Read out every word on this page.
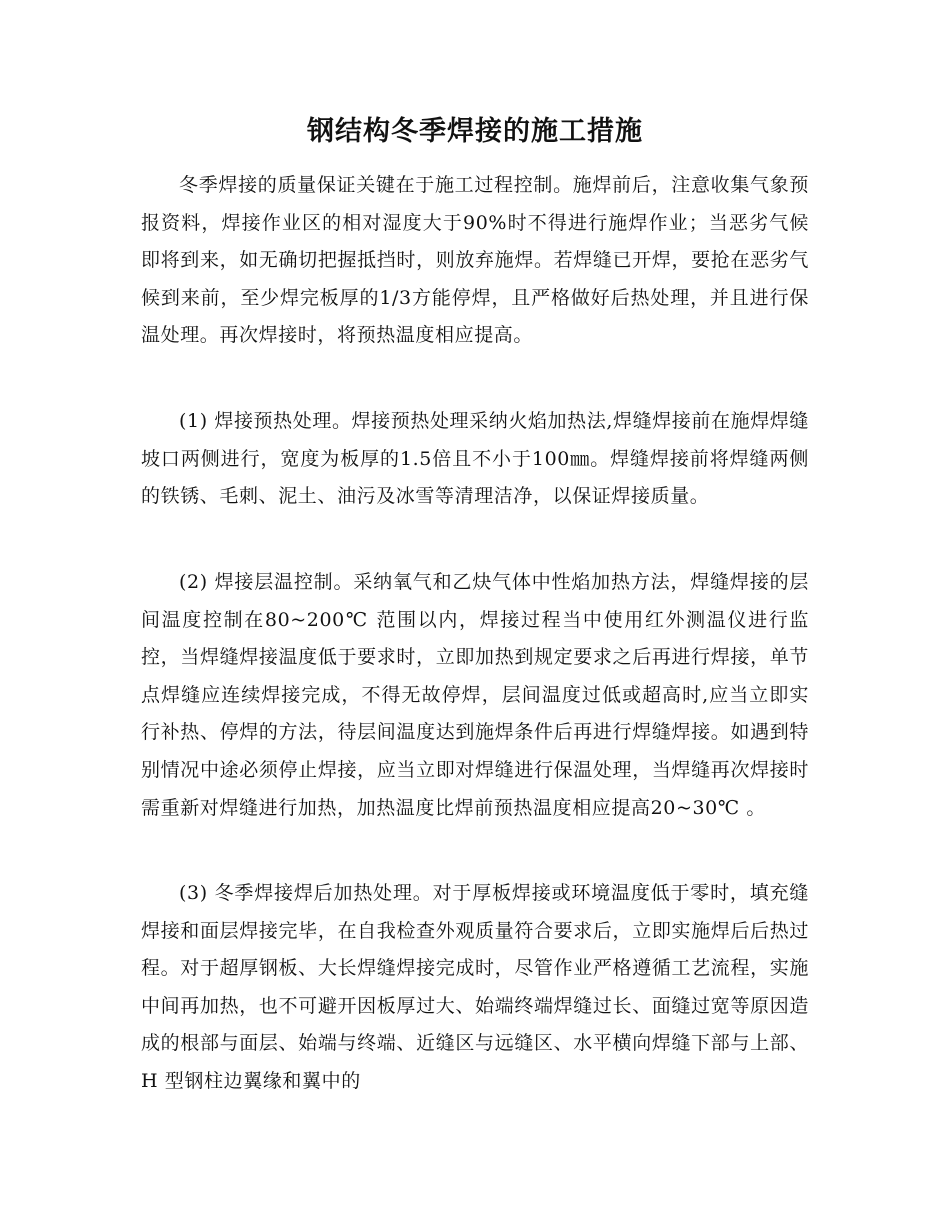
钢结构冬季焊接的施工措施

冬季焊接的质量保证关键在于施工过程控制。施焊前后，注意收集气象预报资料，焊接作业区的相对湿度大于90%时不得进行施焊作业；当恶劣气候即将到来，如无确切把握抵挡时，则放弃施焊。若焊缝已开焊，要抢在恶劣气候到来前，至少焊完板厚的1/3方能停焊，且严格做好后热处理，并且进行保温处理。再次焊接时，将预热温度相应提高。

(1) 焊接预热处理。焊接预热处理采纳火焰加热法,焊缝焊接前在施焊焊缝坡口两侧进行，宽度为板厚的1.5倍且不小于100㎜。焊缝焊接前将焊缝两侧的铁锈、毛刺、泥土、油污及冰雪等清理洁净，以保证焊接质量。

(2) 焊接层温控制。采纳氧气和乙炔气体中性焰加热方法，焊缝焊接的层间温度控制在80~200℃ 范围以内，焊接过程当中使用红外测温仪进行监控，当焊缝焊接温度低于要求时，立即加热到规定要求之后再进行焊接，单节点焊缝应连续焊接完成，不得无故停焊，层间温度过低或超高时,应当立即实行补热、停焊的方法，待层间温度达到施焊条件后再进行焊缝焊接。如遇到特别情况中途必须停止焊接，应当立即对焊缝进行保温处理，当焊缝再次焊接时需重新对焊缝进行加热，加热温度比焊前预热温度相应提高20~30℃ 。

(3) 冬季焊接焊后加热处理。对于厚板焊接或环境温度低于零时，填充缝焊接和面层焊接完毕，在自我检查外观质量符合要求后，立即实施焊后后热过程。对于超厚钢板、大长焊缝焊接完成时，尽管作业严格遵循工艺流程，实施中间再加热，也不可避开因板厚过大、始端终端焊缝过长、面缝过宽等原因造成的根部与面层、始端与终端、近缝区与远缝区、水平横向焊缝下部与上部、H 型钢柱边翼缘和翼中的
